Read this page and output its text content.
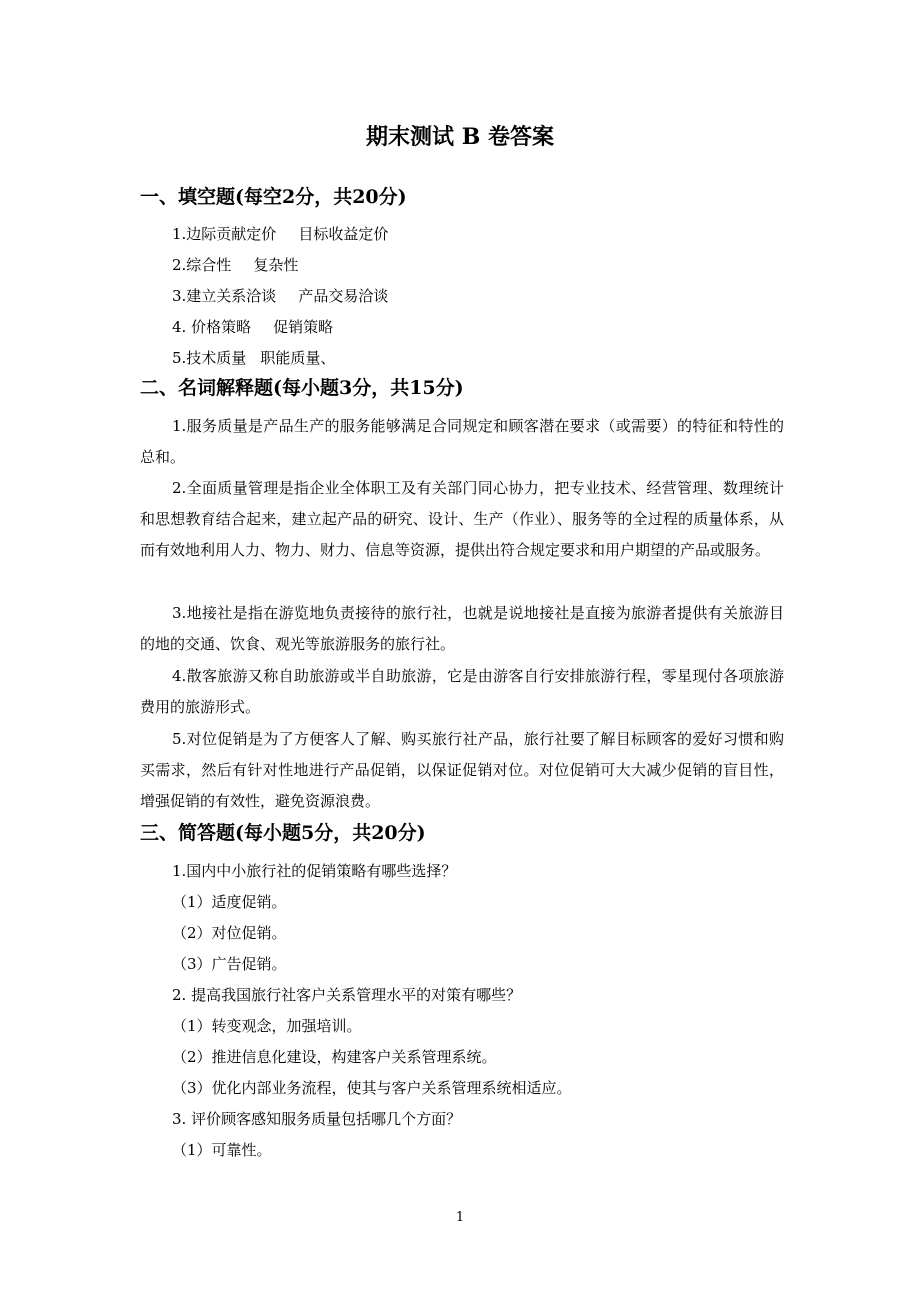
期末测试 B 卷答案
一、填空题(每空2分，共20分)
1.边际贡献定价 目标收益定价
2.综合性 复杂性
3.建立关系洽谈 产品交易洽谈
4. 价格策略 促销策略
5.技术质量 职能质量、
二、名词解释题(每小题3分，共15分)
1.服务质量是产品生产的服务能够满足合同规定和顾客潜在要求（或需要）的特征和特性的总和。
2.全面质量管理是指企业全体职工及有关部门同心协力，把专业技术、经营管理、数理统计和思想教育结合起来，建立起产品的研究、设计、生产（作业）、服务等的全过程的质量体系，从而有效地利用人力、物力、财力、信息等资源，提供出符合规定要求和用户期望的产品或服务。
3.地接社是指在游览地负责接待的旅行社，也就是说地接社是直接为旅游者提供有关旅游目的地的交通、饮食、观光等旅游服务的旅行社。
4.散客旅游又称自助旅游或半自助旅游，它是由游客自行安排旅游行程，零星现付各项旅游费用的旅游形式。
5.对位促销是为了方便客人了解、购买旅行社产品，旅行社要了解目标顾客的爱好习惯和购买需求，然后有针对性地进行产品促销，以保证促销对位。对位促销可大大减少促销的盲目性，增强促销的有效性，避免资源浪费。
三、简答题(每小题5分，共20分)
1.国内中小旅行社的促销策略有哪些选择？
（1）适度促销。
（2）对位促销。
（3）广告促销。
2. 提高我国旅行社客户关系管理水平的对策有哪些？
（1）转变观念，加强培训。
（2）推进信息化建设，构建客户关系管理系统。
（3）优化内部业务流程，使其与客户关系管理系统相适应。
3. 评价顾客感知服务质量包括哪几个方面？
（1）可靠性。
1
